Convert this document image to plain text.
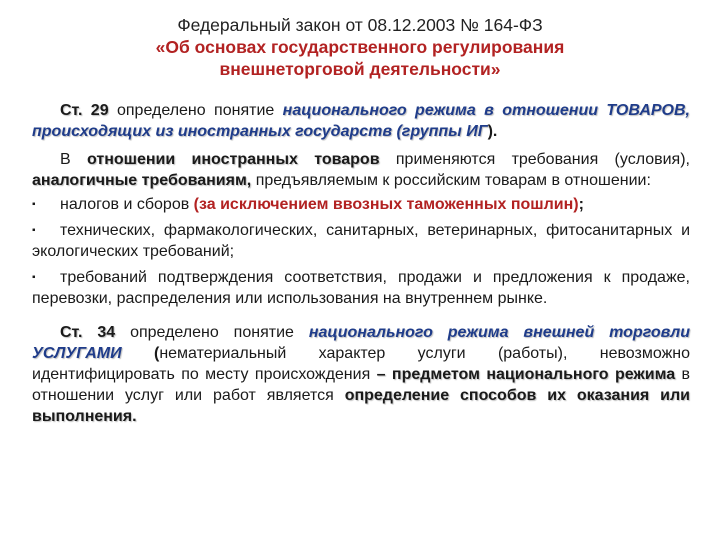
Федеральный закон от 08.12.2003 № 164-ФЗ
«Об основах государственного регулирования
внешнеторговой деятельности»

Ст. 29 определено понятие национального режима в отношении ТОВАРОВ, происходящих из иностранных государств (группы ИГ).

В отношении иностранных товаров применяются требования (условия), аналогичные требованиям, предъявляемым к российским товарам в отношении:

▪ налогов и сборов (за исключением ввозных таможенных пошлин);
▪ технических, фармакологических, санитарных, ветеринарных, фитосанитарных и экологических требований;
▪ требований подтверждения соответствия, продажи и предложения к продаже, перевозки, распределения или использования на внутреннем рынке.

Ст. 34 определено понятие национального режима внешней торговли УСЛУГАМИ (нематериальный характер услуги (работы), невозможно идентифицировать по месту происхождения – предметом национального режима в отношении услуг или работ является определение способов их оказания или выполнения.
